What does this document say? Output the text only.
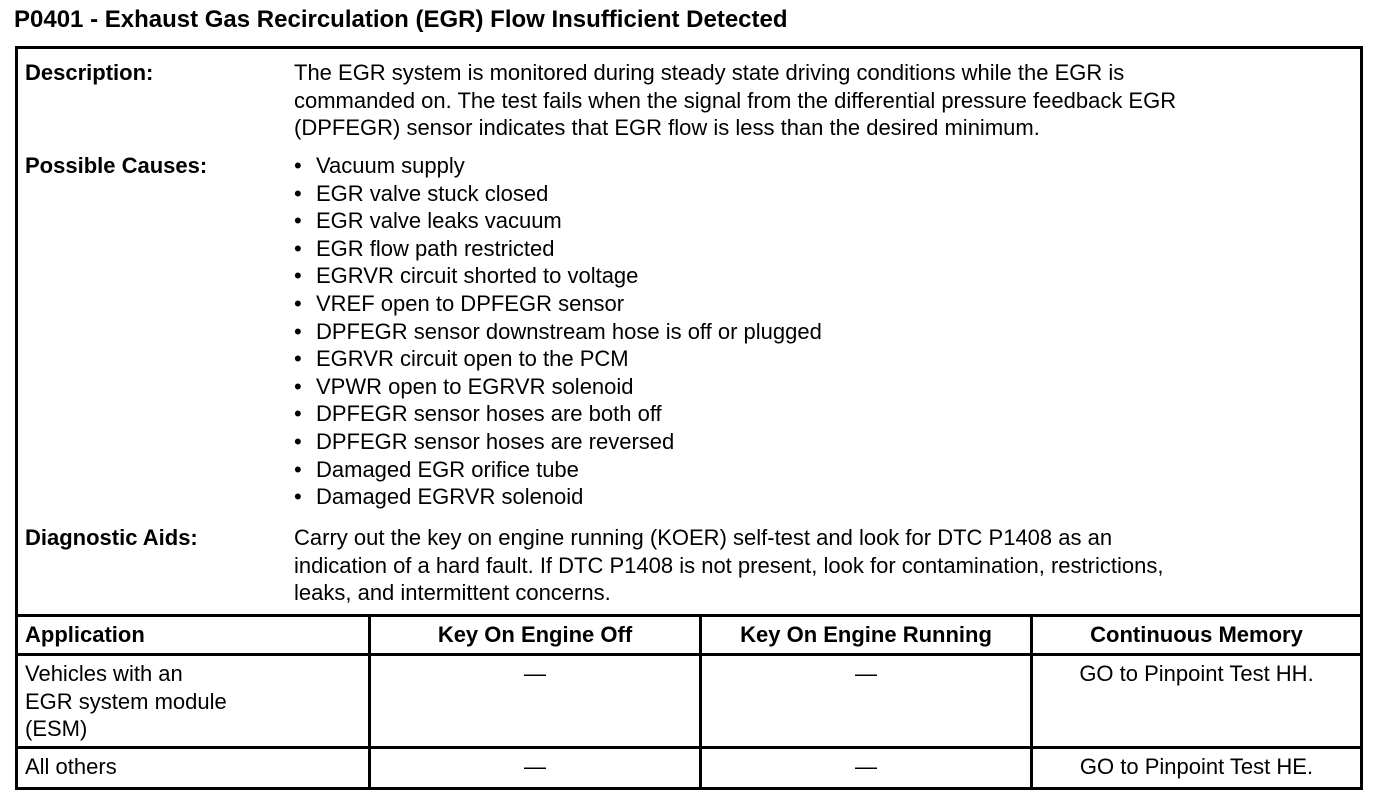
P0401 - Exhaust Gas Recirculation (EGR) Flow Insufficient Detected
Description:	The EGR system is monitored during steady state driving conditions while the EGR is
commanded on. The test fails when the signal from the differential pressure feedback EGR
(DPFEGR) sensor indicates that EGR flow is less than the desired minimum.
Possible Causes:	• Vacuum supply
• EGR valve stuck closed
• EGR valve leaks vacuum
• EGR flow path restricted
• EGRVR circuit shorted to voltage
• VREF open to DPFEGR sensor
• DPFEGR sensor downstream hose is off or plugged
• EGRVR circuit open to the PCM
• VPWR open to EGRVR solenoid
• DPFEGR sensor hoses are both off
• DPFEGR sensor hoses are reversed
• Damaged EGR orifice tube
• Damaged EGRVR solenoid
Diagnostic Aids:	Carry out the key on engine running (KOER) self-test and look for DTC P1408 as an
indication of a hard fault. If DTC P1408 is not present, look for contamination, restrictions,
leaks, and intermittent concerns.
Application	Key On Engine Off	Key On Engine Running	Continuous Memory
Vehicles with an
EGR system module
(ESM)
—	—	GO to Pinpoint Test HH.
All others	—	—	GO to Pinpoint Test HE.
